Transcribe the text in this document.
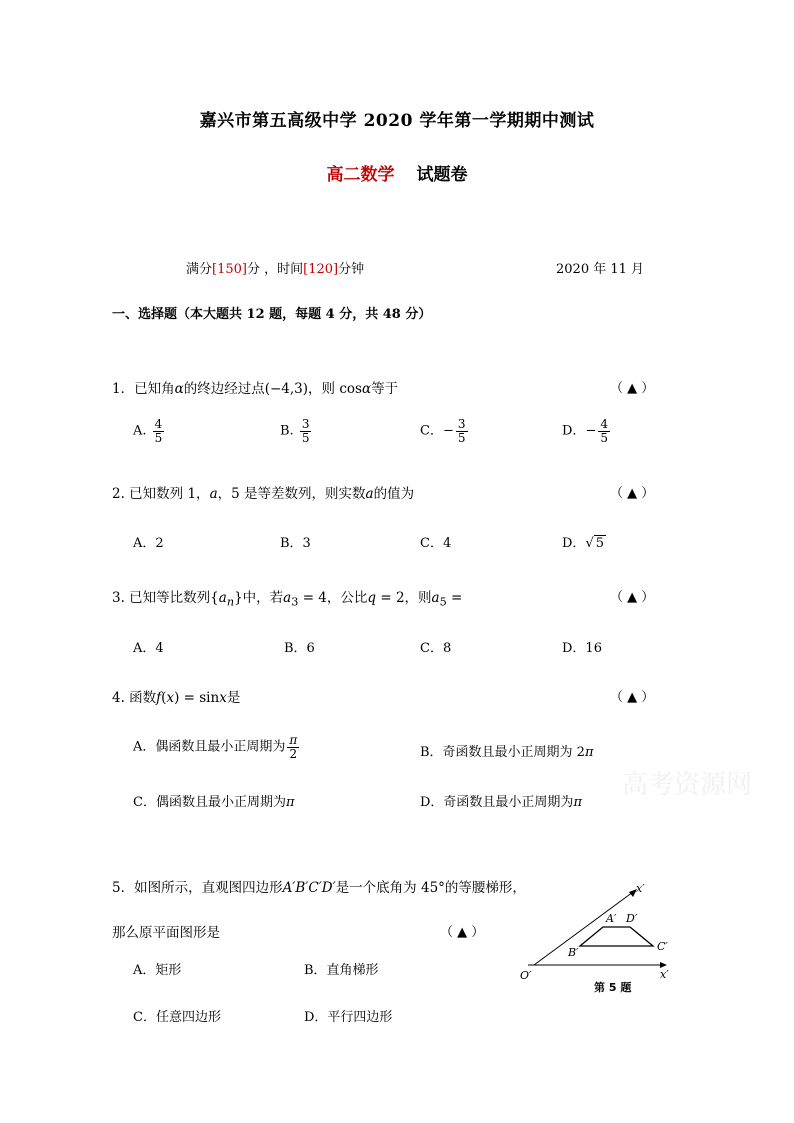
嘉兴市第五高级中学 2020 学年第一学期期中测试
高二数学 试题卷
满分[150]分 ，时间[120]分钟	2020 年 11 月
一、选择题（本大题共 12 题，每题 4 分，共 48 分）
1．已知角α的终边经过点(−4,3)，则 cosα等于	（ ▲ ）
A. $\frac{4}{5}$	B. $\frac{3}{5}$	C．− $\frac{3}{5}$	D．− $\frac{4}{5}$
2. 已知数列 1，a，5 是等差数列，则实数a的值为	（ ▲ ）
A．2	B．3	C．4	D．√ 5
3. 已知等比数列$\{a_n\}$中，若$a_3 = 4$，公比q = 2，则$a_5$ =	（ ▲ ）
A．4	B．6	C．8	D．16
4. 函数f(x) = sinx是	（ ▲ ）
A．偶函数且最小正周期为 $\frac{\pi}{2}$	B．奇函数且最小正周期为 2π
C．偶函数且最小正周期为π	D．奇函数且最小正周期为π
高考资源网
5．如图所示，直观图四边形A′B′C′D′是一个底角为 45°的等腰梯形，
那么原平面图形是	（ ▲ ）
A．矩形	B．直角梯形
C．任意四边形	D．平行四边形
x′
x′
O′
A′ D′
B′	C′
第 5 题
